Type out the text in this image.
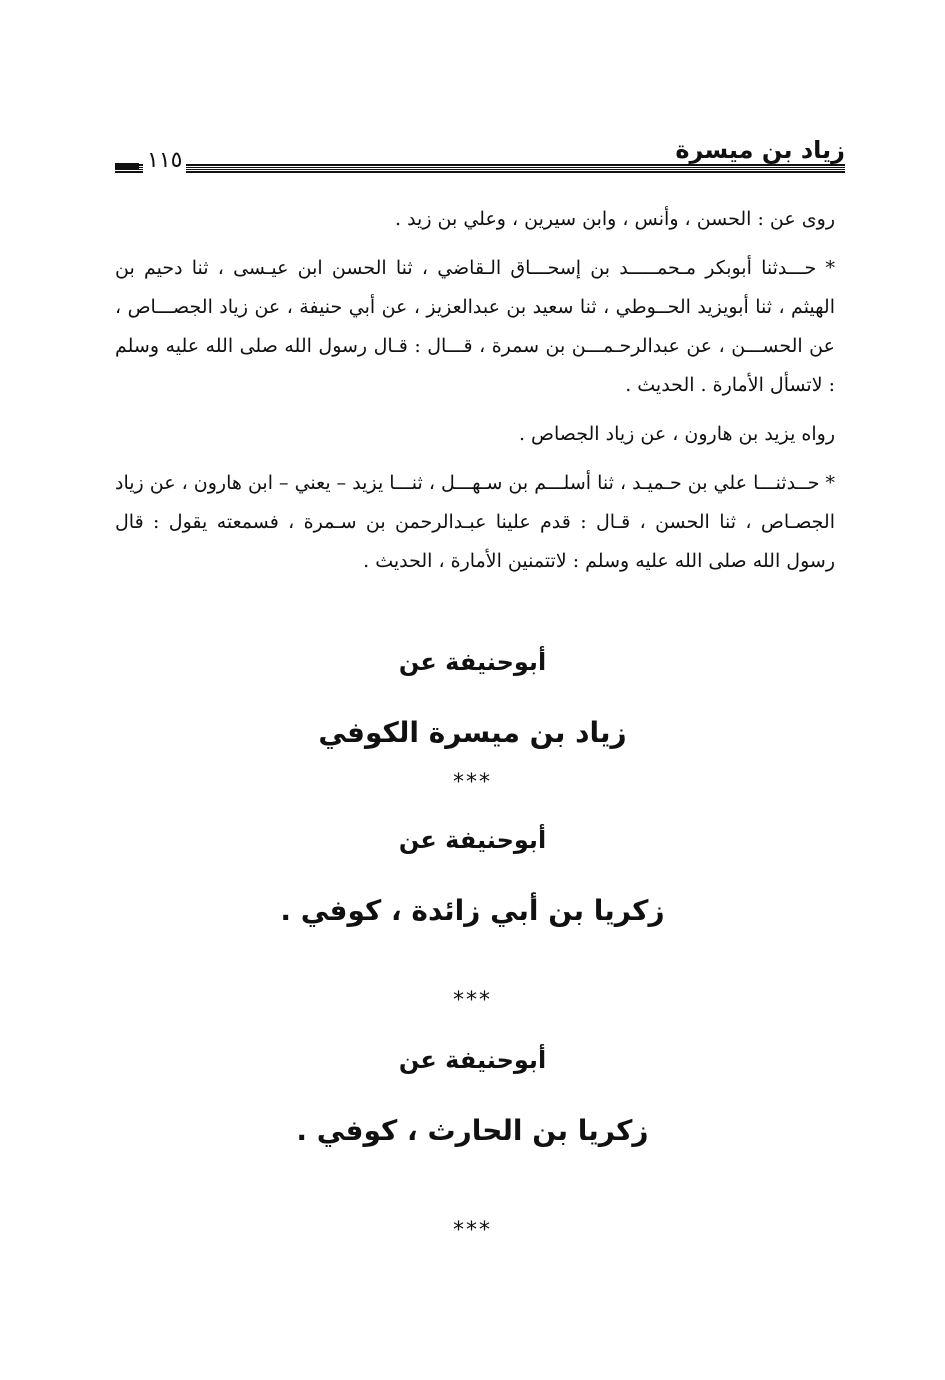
زياد بن ميسرة
١١٥

روى عن : الحسن ، وأنس ، وابن سيرين ، وعلي بن زيد .

* حـــدثنا أبوبكر مـحمـــــد بن إسحـــاق الـقاضي ، ثنا الحسن ابن عيـسى ، ثنا دحيم بن الهيثم ، ثنا أبويزيد الحــوطي ، ثنا سعيد بن عبدالعزيز ، عن أبي حنيفة ، عن زياد الجصـــاص ، عن الحســـن ، عن عبدالرحـمـــن بن سمرة ، قـــال : قـال رسول الله صلى الله عليه وسلم : لاتسأل الأمارة . الحديث .

رواه يزيد بن هارون ، عن زياد الجصاص .

* حــدثنـــا علي بن حـميـد ، ثنا أسلـــم بن سـهـــل ، ثنـــا يزيد – يعني – ابن هارون ، عن زياد الجصـاص ، ثنا الحسن ، قـال : قدم علينا عبـدالرحمن بن سـمرة ، فسمعته يقول : قال رسول الله صلى الله عليه وسلم : لاتتمنين الأمارة ، الحديث .

أبوحنيفة عن
زياد بن ميسرة الكوفي
***
أبوحنيفة عن
زكريا بن أبي زائدة ، كوفي .
***
أبوحنيفة عن
زكريا بن الحارث ، كوفي .
***
